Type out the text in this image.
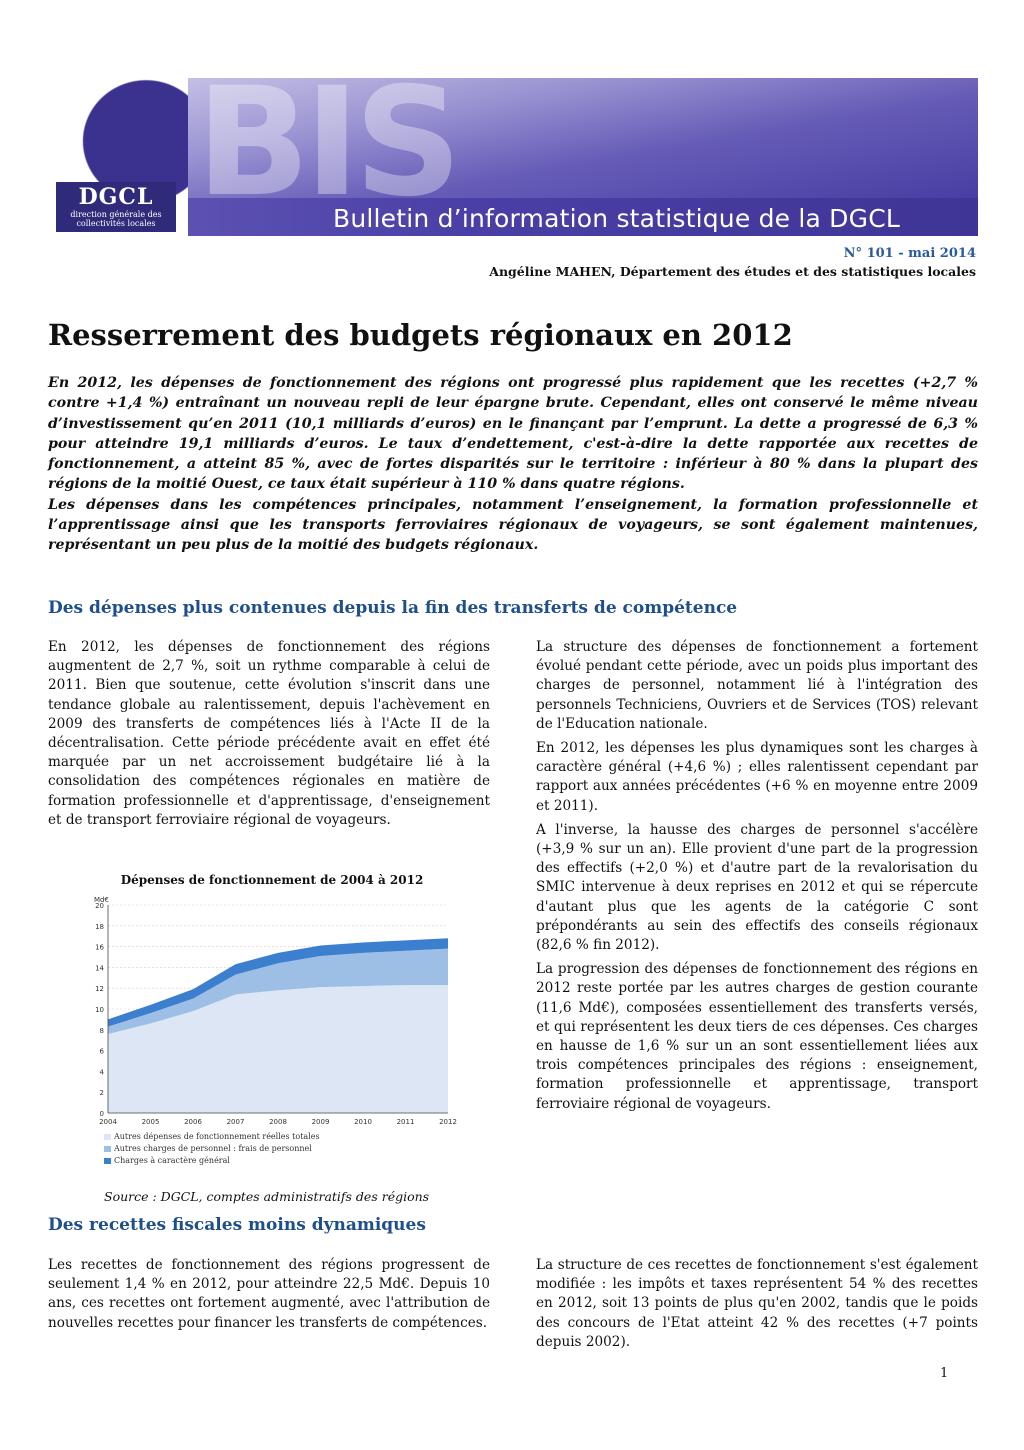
BIS
DGCL
direction générale des collectivités locales	Bulletin d’information statistique de la DGCL
N° 101 - mai 2014
Angéline MAHEN, Département des études et des statistiques locales
Resserrement des budgets régionaux en 2012

En 2012, les dépenses de fonctionnement des régions ont progressé plus rapidement que les recettes (+2,7 % contre +1,4 %) entraînant un nouveau repli de leur épargne brute. Cependant, elles ont conservé le même niveau d’investissement qu’en 2011 (10,1 milliards d’euros) en le finançant par l’emprunt. La dette a progressé de 6,3 % pour atteindre 19,1 milliards d’euros. Le taux d’endettement, c'est-à-dire la dette rapportée aux recettes de fonctionnement, a atteint 85 %, avec de fortes disparités sur le territoire : inférieur à 80 % dans la plupart des régions de la moitié Ouest, ce taux était supérieur à 110 % dans quatre régions.

Les dépenses dans les compétences principales, notamment l’enseignement, la formation professionnelle et l’apprentissage ainsi que les transports ferroviaires régionaux de voyageurs, se sont également maintenues, représentant un peu plus de la moitié des budgets régionaux.

Des dépenses plus contenues depuis la fin des transferts de compétence

En 2012, les dépenses de fonctionnement des régions augmentent de 2,7 %, soit un rythme comparable à celui de 2011. Bien que soutenue, cette évolution s'inscrit dans une tendance globale au ralentissement, depuis l'achèvement en 2009 des transferts de compétences liés à l'Acte II de la décentralisation. Cette période précédente avait en effet été marquée par un net accroissement budgétaire lié à la consolidation des compétences régionales en matière de formation professionnelle et d'apprentissage, d'enseignement et de transport ferroviaire régional de voyageurs.

La structure des dépenses de fonctionnement a fortement évolué pendant cette période, avec un poids plus important des charges de personnel, notamment lié à l'intégration des personnels Techniciens, Ouvriers et de Services (TOS) relevant de l'Education nationale.

En 2012, les dépenses les plus dynamiques sont les charges à caractère général (+4,6 %) ; elles ralentissent cependant par rapport aux années précédentes (+6 % en moyenne entre 2009 et 2011).

A l'inverse, la hausse des charges de personnel s'accélère (+3,9 % sur un an). Elle provient d'une part de la progression des effectifs (+2,0 %) et d'autre part de la revalorisation du SMIC intervenue à deux reprises en 2012 et qui se répercute d'autant plus que les agents de la catégorie C sont prépondérants au sein des effectifs des conseils régionaux (82,6 % fin 2012).

La progression des dépenses de fonctionnement des régions en 2012 reste portée par les autres charges de gestion courante (11,6 Md€), composées essentiellement des transferts versés, et qui représentent les deux tiers de ces dépenses. Ces charges en hausse de 1,6 % sur un an sont essentiellement liées aux trois compétences principales des régions : enseignement, formation professionnelle et apprentissage, transport ferroviaire régional de voyageurs.

Dépenses de fonctionnement de 2004 à 2012
0
2
4
6
8
10
12
14
16
18
20
Md€
2004	2005	2006	2007	2008	2009	2010	2011	2012
Autres dépenses de fonctionnement réelles totales
Autres charges de personnel : frais de personnel
Charges à caractère général
Source : DGCL, comptes administratifs des régions
Des recettes fiscales moins dynamiques

Les recettes de fonctionnement des régions progressent de seulement 1,4 % en 2012, pour atteindre 22,5 Md€. Depuis 10 ans, ces recettes ont fortement augmenté, avec l'attribution de nouvelles recettes pour financer les transferts de compétences.

La structure de ces recettes de fonctionnement s'est également modifiée : les impôts et taxes représentent 54 % des recettes en 2012, soit 13 points de plus qu'en 2002, tandis que le poids des concours de l'Etat atteint 42 % des recettes (+7 points depuis 2002).

1
